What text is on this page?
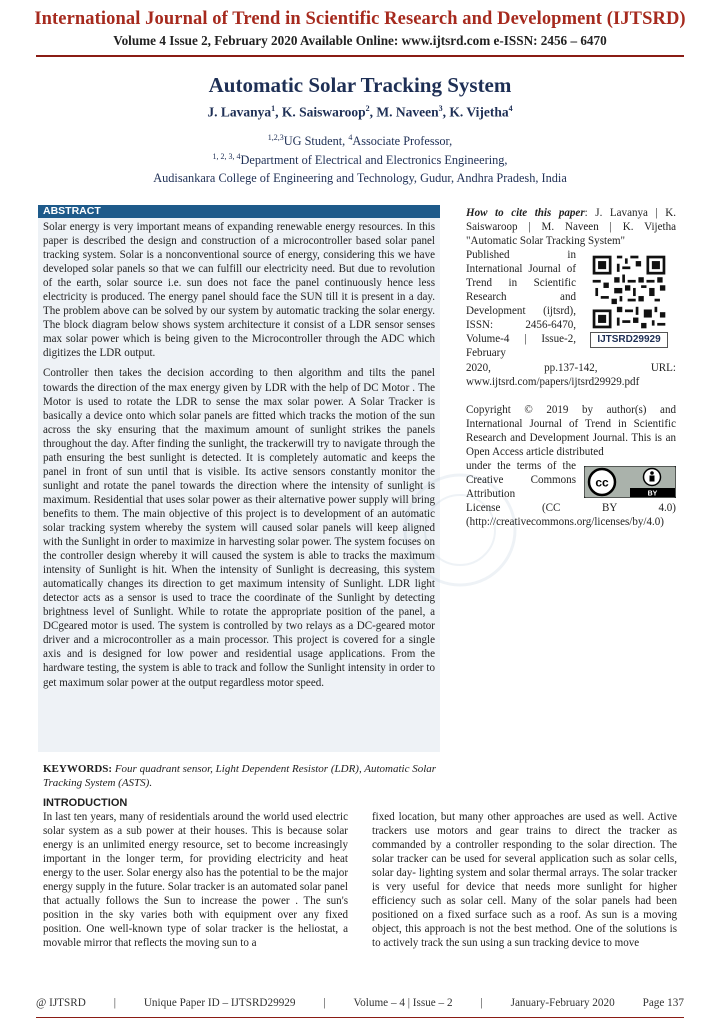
International Journal of Trend in Scientific Research and Development (IJTSRD)
Volume 4 Issue 2, February 2020 Available Online: www.ijtsrd.com e-ISSN: 2456 – 6470
Automatic Solar Tracking System
J. Lavanya$^1$, K. Saiswaroop$^2$, M. Naveen$^3$, K. Vijetha$^4$
$^{1,2,3}$UG Student, $^4$Associate Professor,
$^{1, 2, 3, 4}$Department of Electrical and Electronics Engineering,
Audisankara College of Engineering and Technology, Gudur, Andhra Pradesh, India
ABSTRACT

Solar energy is very important means of expanding renewable energy resources. In this paper is described the design and construction of a microcontroller based solar panel tracking system. Solar is a nonconventional source of energy, considering this we have developed solar panels so that we can fulfill our electricity need. But due to revolution of the earth, solar source i.e. sun does not face the panel continuously hence less electricity is produced. The energy panel should face the SUN till it is present in a day. The problem above can be solved by our system by automatic tracking the solar energy. The block diagram below shows system architecture it consist of a LDR sensor senses max solar power which is being given to the Microcontroller through the ADC which digitizes the LDR output.

Controller then takes the decision according to then algorithm and tilts the panel towards the direction of the max energy given by LDR with the help of DC Motor . The Motor is used to rotate the LDR to sense the max solar power. A Solar Tracker is basically a device onto which solar panels are fitted which tracks the motion of the sun across the sky ensuring that the maximum amount of sunlight strikes the panels throughout the day. After finding the sunlight, the trackerwill try to navigate through the path ensuring the best sunlight is detected. It is completely automatic and keeps the panel in front of sun until that is visible. Its active sensors constantly monitor the sunlight and rotate the panel towards the direction where the intensity of sunlight is maximum. Residential that uses solar power as their alternative power supply will bring benefits to them. The main objective of this project is to development of an automatic solar tracking system whereby the system will caused solar panels will keep aligned with the Sunlight in order to maximize in harvesting solar power. The system focuses on the controller design whereby it will caused the system is able to tracks the maximum intensity of Sunlight is hit. When the intensity of Sunlight is decreasing, this system automatically changes its direction to get maximum intensity of Sunlight. LDR light detector acts as a sensor is used to trace the coordinate of the Sunlight by detecting brightness level of Sunlight. While to rotate the appropriate position of the panel, a DCgeared motor is used. The system is controlled by two relays as a DC-geared motor driver and a microcontroller as a main processor. This project is covered for a single axis and is designed for low power and residential usage applications. From the hardware testing, the system is able to track and follow the Sunlight intensity in order to get maximum solar power at the output regardless motor speed.

KEYWORDS: Four quadrant sensor, Light Dependent Resistor (LDR), Automatic Solar Tracking System (ASTS).
INTRODUCTION

In last ten years, many of residentials around the world used electric solar system as a sub power at their houses. This is because solar energy is an unlimited energy resource, set to become increasingly important in the longer term, for providing electricity and heat energy to the user. Solar energy also has the potential to be the major energy supply in the future. Solar tracker is an automated solar panel that actually follows the Sun to increase the power . The sun's position in the sky varies both with equipment over any fixed position. One well-known type of solar tracker is the heliostat, a movable mirror that reflects the moving sun to a

fixed location, but many other approaches are used as well. Active trackers use motors and gear trains to direct the tracker as commanded by a controller responding to the solar direction. The solar tracker can be used for several application such as solar cells, solar day- lighting system and solar thermal arrays. The solar tracker is very useful for device that needs more sunlight for higher efficiency such as solar cell. Many of the solar panels had been positioned on a fixed surface such as a roof. As sun is a moving object, this approach is not the best method. One of the solutions is to actively track the sun using a sun tracking device to move

How to cite this paper: J. Lavanya | K. Saiswaroop | M. Naveen | K. Vijetha "Automatic Solar Tracking System"

Published in International Journal of Trend in Scientific Research and Development (ijtsrd), ISSN: 2456-6470, Volume-4 | Issue-2, February

2020, pp.137-142, URL:

www.ijtsrd.com/papers/ijtsrd29929.pdf

IJTSRD29929

Copyright © 2019 by author(s) and International Journal of Trend in Scientific Research and Development Journal. This is an Open Access article distributed

under the terms of the Creative Commons Attribution

License (CC BY 4.0)

(http://creativecommons.org/licenses/by/4.0)

cc
BY
@ IJTSRD | Unique Paper ID – IJTSRD29929 | Volume – 4 | Issue – 2 | January-February 2020 Page 137
